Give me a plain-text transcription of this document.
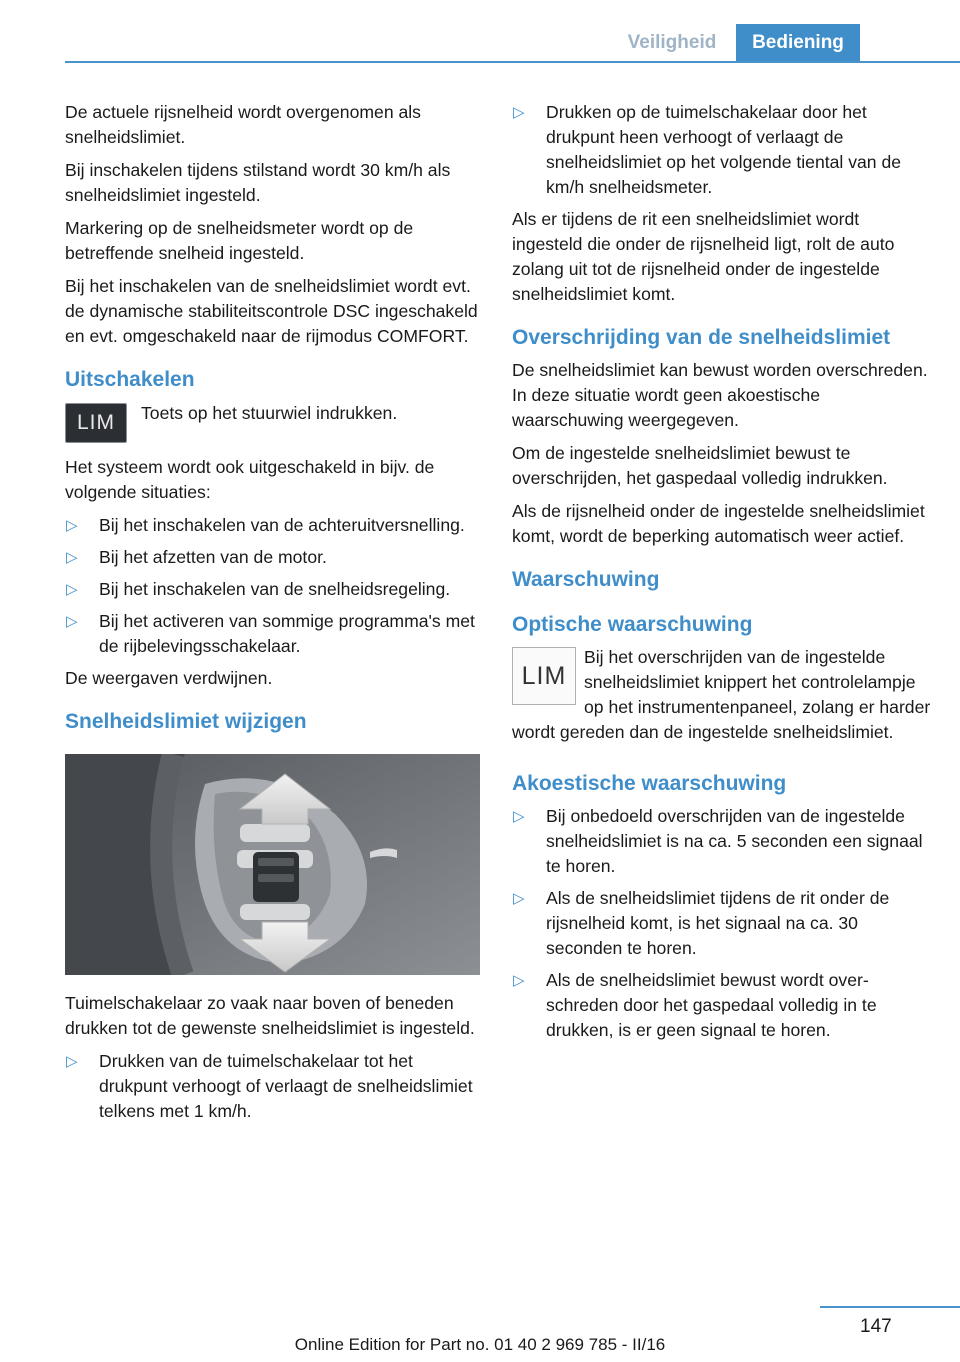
Veiligheid	Bediening

De actuele rijsnelheid wordt overgenomen als snelheidslimiet.

Bij inschakelen tijdens stilstand wordt 30 km/h als snelheidslimiet ingesteld.

Markering op de snelheidsmeter wordt op de betreffende snelheid ingesteld.

Bij het inschakelen van de snelheidslimiet wordt evt. de dynamische stabiliteitscontrole DSC ingeschakeld en evt. omgeschakeld naar de rijmodus COMFORT.

Uitschakelen
LIM	Toets op het stuurwiel indrukken.

Het systeem wordt ook uitgeschakeld in bijv. de volgende situaties:

▷ Bij het inschakelen van de achteruitversnelling.
▷ Bij het afzetten van de motor.
▷ Bij het inschakelen van de snelheidsregeling.
▷ Bij het activeren van sommige programma's met de rijbelevingsschakelaar.

De weergaven verdwijnen.

Snelheidslimiet wijzigen

Tuimelschakelaar zo vaak naar boven of beneden drukken tot de gewenste snelheidslimiet is ingesteld.

▷ Drukken van de tuimelschakelaar tot het drukpunt verhoogt of verlaagt de snelheidslimiet telkens met 1 km/h.
▷ Drukken op de tuimelschakelaar door het drukpunt heen verhoogt of verlaagt de snelheidslimiet op het volgende tiental van de km/h snelheidsmeter.

Als er tijdens de rit een snelheidslimiet wordt ingesteld die onder de rijsnelheid ligt, rolt de auto zolang uit tot de rijsnelheid onder de ingestelde snelheidslimiet komt.

Overschrijding van de snelheidslimiet

De snelheidslimiet kan bewust worden overschreden. In deze situatie wordt geen akoestische waarschuwing weergegeven.

Om de ingestelde snelheidslimiet bewust te overschrijden, het gaspedaal volledig indrukken.

Als de rijsnelheid onder de ingestelde snelheidslimiet komt, wordt de beperking automatisch weer actief.

Waarschuwing
Optische waarschuwing
LIM

Bij het overschrijden van de ingestelde snelheidslimiet knippert het controlelampje op het instrumentenpaneel, zolang er harder wordt gereden dan de ingestelde snelheidslimiet.

Akoestische waarschuwing
▷ Bij onbedoeld overschrijden van de ingestelde snelheidslimiet is na ca. 5 seconden een signaal te horen.
▷ Als de snelheidslimiet tijdens de rit onder de rijsnelheid komt, is het signaal na ca. 30 seconden te horen.
▷ Als de snelheidslimiet bewust wordt overschreden door het gaspedaal volledig in te drukken, is er geen signaal te horen.
147
Online Edition for Part no. 01 40 2 969 785 - II/16
